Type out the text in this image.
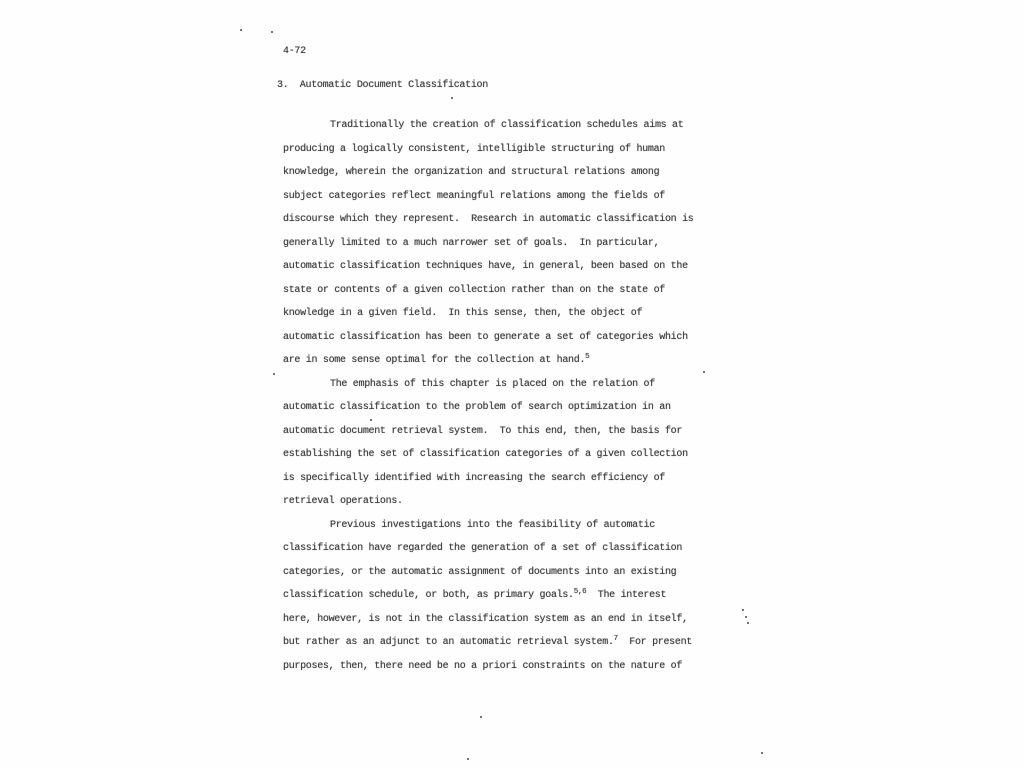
4-72
3.  Automatic Document Classification
Traditionally the creation of classification schedules aims at
producing a logically consistent, intelligible structuring of human
knowledge, wherein the organization and structural relations among
subject categories reflect meaningful relations among the fields of
discourse which they represent.  Research in automatic classification is
generally limited to a much narrower set of goals.  In particular,
automatic classification techniques have, in general, been based on the
state or contents of a given collection rather than on the state of
knowledge in a given field.  In this sense, then, the object of
automatic classification has been to generate a set of categories which
are in some sense optimal for the collection at hand.$^5$
The emphasis of this chapter is placed on the relation of
automatic classification to the problem of search optimization in an
automatic document retrieval system.  To this end, then, the basis for
establishing the set of classification categories of a given collection
is specifically identified with increasing the search efficiency of
retrieval operations.
Previous investigations into the feasibility of automatic
classification have regarded the generation of a set of classification
categories, or the automatic assignment of documents into an existing
classification schedule, or both, as primary goals.$^{5,6}$  The interest
here, however, is not in the classification system as an end in itself,
but rather as an adjunct to an automatic retrieval system.$^7$  For present
purposes, then, there need be no a priori constraints on the nature of
